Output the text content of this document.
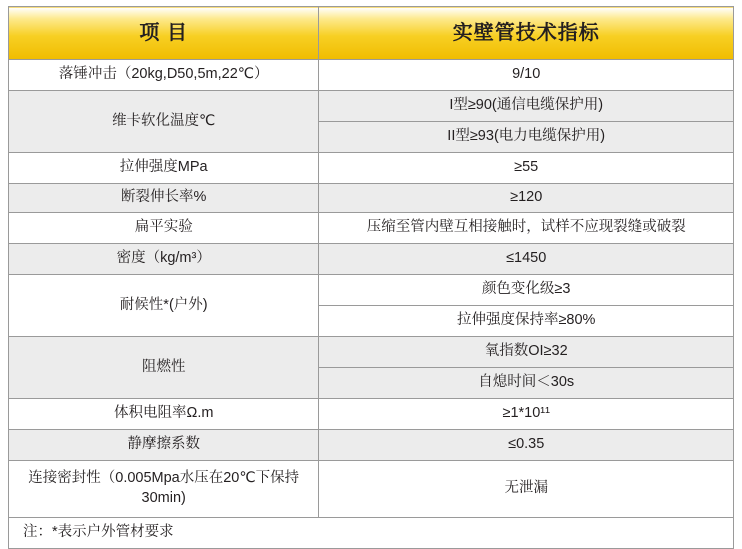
项 目	实壁管技术指标
落锤冲击（20kg,D50,5m,22℃）	9/10
维卡软化温度℃	I型≥90(通信电缆保护用)
	II型≥93(电力电缆保护用)
拉伸强度MPa	≥55
断裂伸长率%	≥120
扁平实验	压缩至管内壁互相接触时，试样不应现裂缝或破裂
密度（kg/m³）	≤1450
耐候性*(户外)	颜色变化级≥3
	拉伸强度保持率≥80%
阻燃性	氧指数OI≥32
	自熄时间＜30s
体积电阻率Ω.m	≥1*10¹¹
静摩擦系数	≤0.35
连接密封性（0.005Mpa水压在20℃下保持30min)	无泄漏
注：*表示户外管材要求	
